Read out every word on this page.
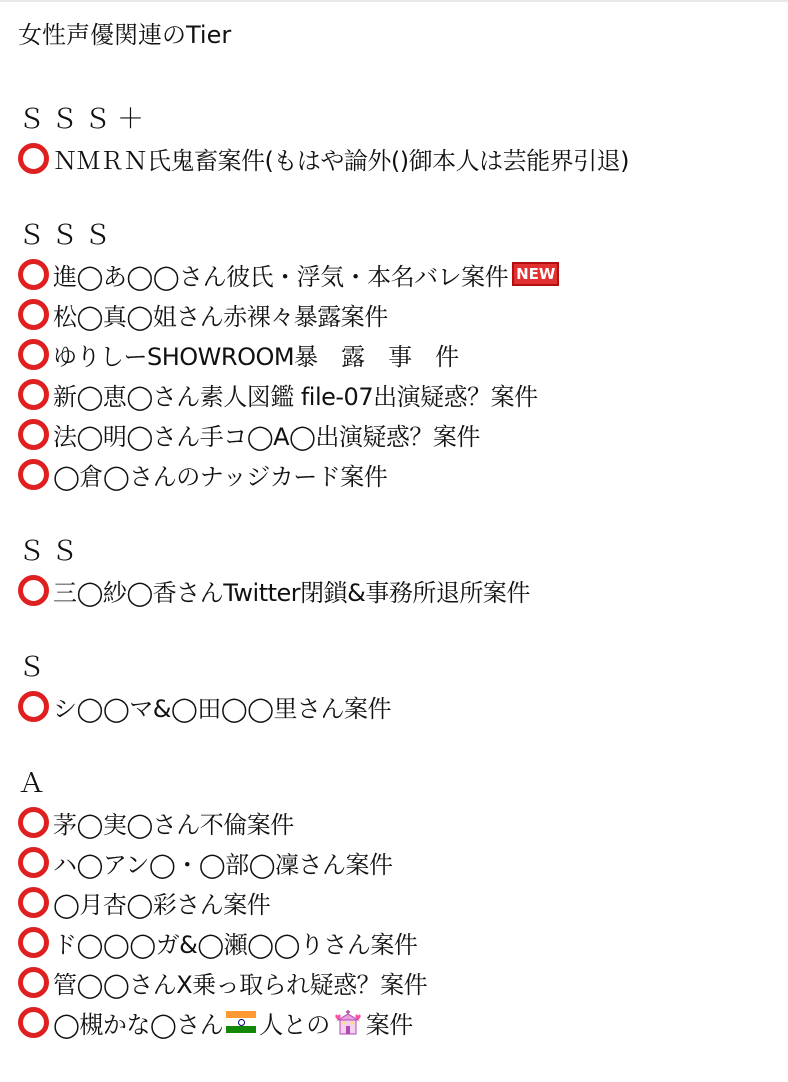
女性声優関連のTier
ＳＳＳ＋
ＮＭＲＮ氏鬼畜案件(もはや論外()御本人は芸能界引退)
ＳＳＳ
進◯あ◯◯さん彼氏・浮気・本名バレ案件 NEW
松◯真◯姐さん赤裸々暴露案件
ゆりしーSHOWROOM暴　露　事　件
新◯恵◯さん素人図鑑 file-07出演疑惑？案件
法◯明◯さん手コ◯A◯出演疑惑？案件
◯倉◯さんのナッジカード案件
ＳＳ
三◯紗◯香さんTwitter閉鎖&事務所退所案件
Ｓ
シ◯◯マ&◯田◯◯里さん案件
Ａ
茅◯実◯さん不倫案件
ハ◯アン◯・◯部◯凜さん案件
◯月杏◯彩さん案件
ド◯◯◯ガ&◯瀬◯◯りさん案件
管◯◯さんX乗っ取られ疑惑？案件
◯槻かな◯さん 人との 案件
